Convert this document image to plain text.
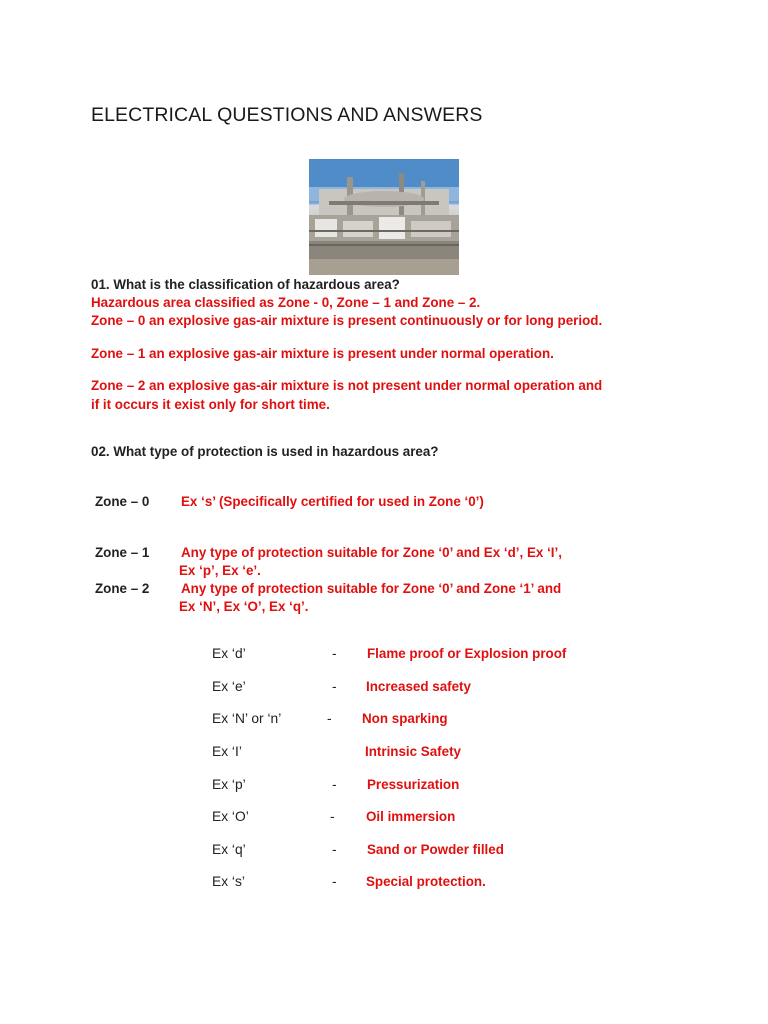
ELECTRICAL QUESTIONS AND ANSWERS
01. What is the classification of hazardous area?
Hazardous area classified as Zone - 0, Zone – 1 and Zone – 2.
Zone – 0 an explosive gas-air mixture is present continuously or for long period.
Zone – 1 an explosive gas-air mixture is present under normal operation.
Zone – 2 an explosive gas-air mixture is not present under normal operation and
if it occurs it exist only for short time.
02. What type of protection is used in hazardous area?
Zone – 0 Ex ‘s’ (Specifically certified for used in Zone ‘0’)
Zone – 1 Any type of protection suitable for Zone ‘0’ and Ex ‘d’, Ex ‘I’,
Ex ‘p’, Ex ‘e’.
Zone – 2 Any type of protection suitable for Zone ‘0’ and Zone ‘1’ and
Ex ‘N’, Ex ‘O’, Ex ‘q’.
Ex ‘d’	- Flame proof or Explosion proof
Ex ‘e’	- Increased safety
Ex ‘N’ or ‘n’	- Non sparking
Ex ‘I’	Intrinsic Safety
Ex ‘p’	- Pressurization
Ex ‘O’	- Oil immersion
Ex ‘q’	- Sand or Powder filled
Ex ‘s’	- Special protection.
